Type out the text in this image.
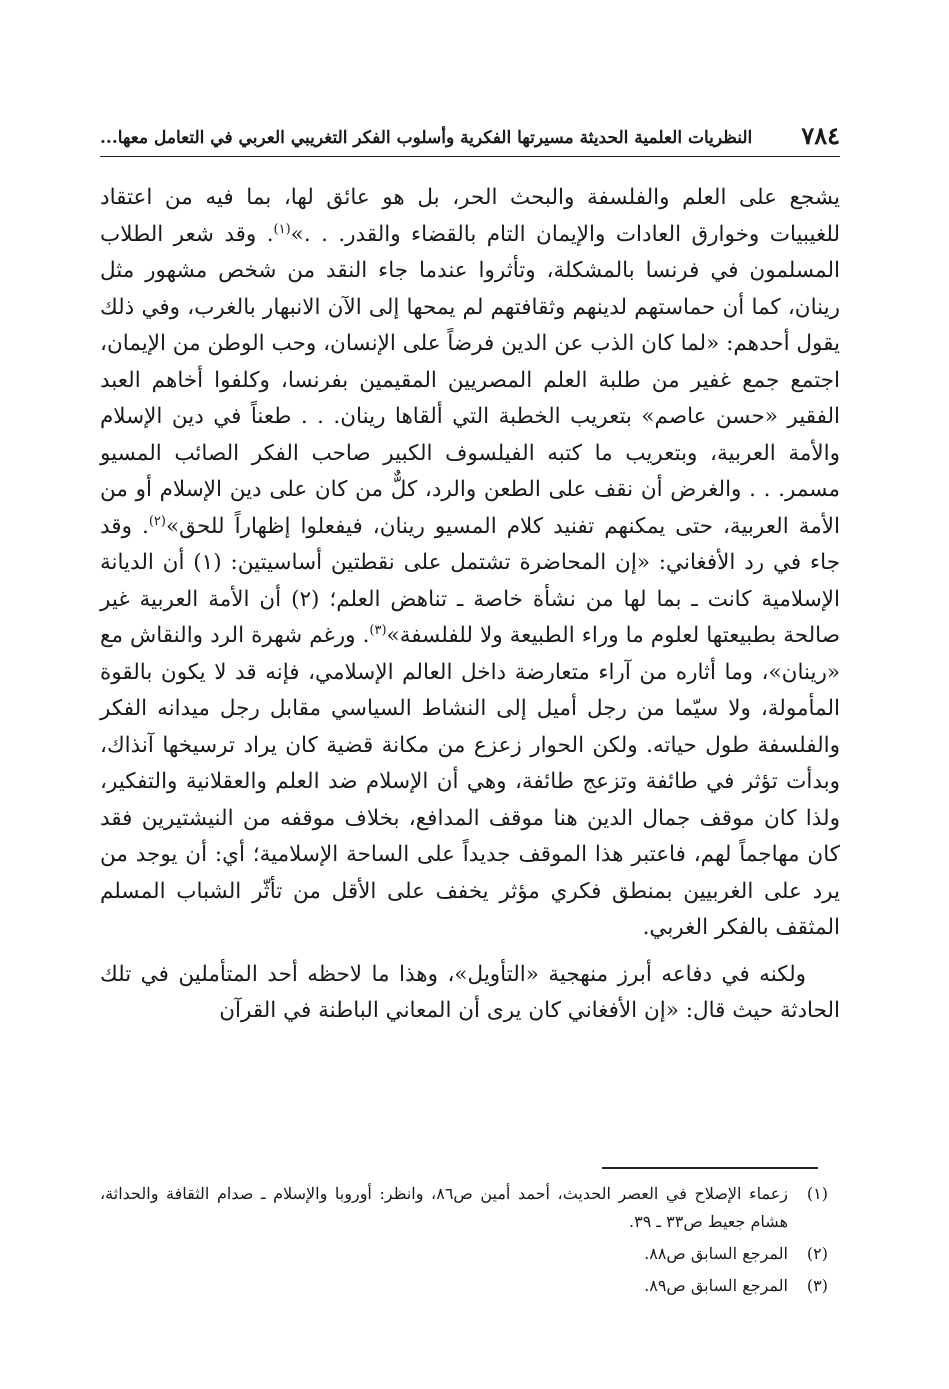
٧٨٤
النظريات العلمية الحديثة مسيرتها الفكرية وأسلوب الفكر التغريبي العربي في التعامل معها...

يشجع على العلم والفلسفة والبحث الحر، بل هو عائق لها، بما فيه من اعتقاد للغيبيات وخوارق العادات والإيمان التام بالقضاء والقدر. . .»$^{(١)}$. وقد شعر الطلاب المسلمون في فرنسا بالمشكلة، وتأثروا عندما جاء النقد من شخص مشهور مثل رينان، كما أن حماستهم لدينهم وثقافتهم لم يمحها إلى الآن الانبهار بالغرب، وفي ذلك يقول أحدهم: «لما كان الذب عن الدين فرضاً على الإنسان، وحب الوطن من الإيمان، اجتمع جمع غفير من طلبة العلم المصريين المقيمين بفرنسا، وكلفوا أخاهم العبد الفقير «حسن عاصم» بتعريب الخطبة التي ألقاها رينان. . . طعناً في دين الإسلام والأمة العربية، وبتعريب ما كتبه الفيلسوف الكبير صاحب الفكر الصائب المسيو مسمر. . . والغرض أن نقف على الطعن والرد، كلٌّ من كان على دين الإسلام أو من الأمة العربية، حتى يمكنهم تفنيد كلام المسيو رينان، فيفعلوا إظهاراً للحق»$^{(٢)}$. وقد جاء في رد الأفغاني: «إن المحاضرة تشتمل على نقطتين أساسيتين: (١) أن الديانة الإسلامية كانت ـ بما لها من نشأة خاصة ـ تناهض العلم؛ (٢) أن الأمة العربية غير صالحة بطبيعتها لعلوم ما وراء الطبيعة ولا للفلسفة»$^{(٣)}$. ورغم شهرة الرد والنقاش مع «رينان»، وما أثاره من آراء متعارضة داخل العالم الإسلامي، فإنه قد لا يكون بالقوة المأمولة، ولا سيّما من رجل أميل إلى النشاط السياسي مقابل رجل ميدانه الفكر والفلسفة طول حياته. ولكن الحوار زعزع من مكانة قضية كان يراد ترسيخها آنذاك، وبدأت تؤثر في طائفة وتزعج طائفة، وهي أن الإسلام ضد العلم والعقلانية والتفكير، ولذا كان موقف جمال الدين هنا موقف المدافع، بخلاف موقفه من النيشتيرين فقد كان مهاجماً لهم، فاعتبر هذا الموقف جديداً على الساحة الإسلامية؛ أي: أن يوجد من يرد على الغربيين بمنطق فكري مؤثر يخفف على الأقل من تأثّر الشباب المسلم المثقف بالفكر الغربي.

ولكنه في دفاعه أبرز منهجية «التأويل»، وهذا ما لاحظه أحد المتأملين في تلك الحادثة حيث قال: «إن الأفغاني كان يرى أن المعاني الباطنة في القرآن

(١)
زعماء الإصلاح في العصر الحديث، أحمد أمين ص٨٦، وانظر: أوروبا والإسلام ـ صدام الثقافة والحداثة، هشام جعيط ص٣٣ ـ ٣٩.
(٢)
المرجع السابق ص٨٨.
(٣)
المرجع السابق ص٨٩.
